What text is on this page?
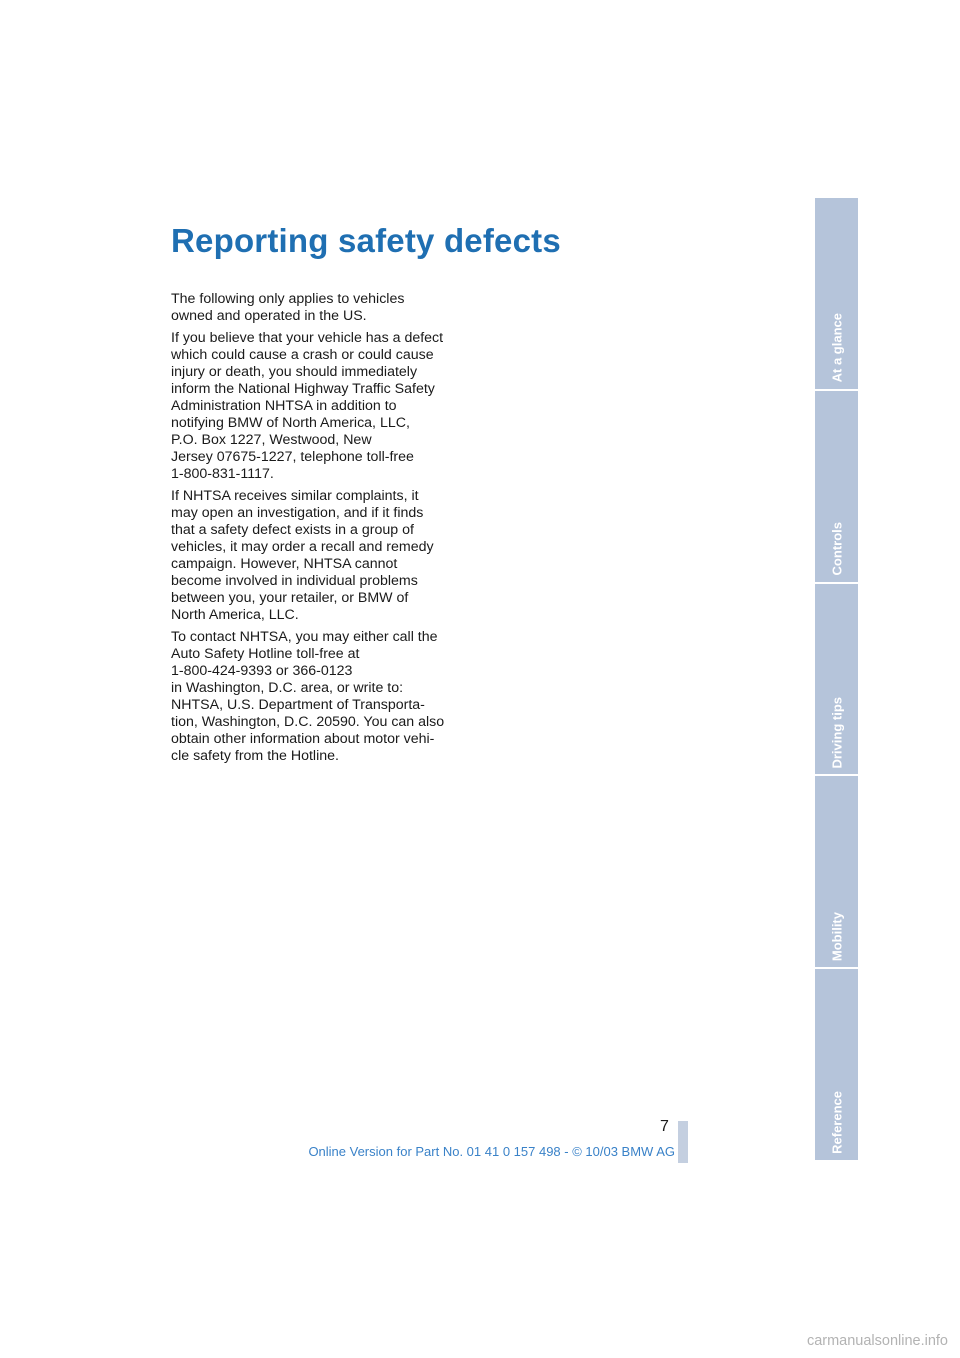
Reporting safety defects

The following only applies to vehicles
owned and operated in the US.

If you believe that your vehicle has a defect
which could cause a crash or could cause
injury or death, you should immediately
inform the National Highway Traffic Safety
Administration NHTSA in addition to
notifying BMW of North America, LLC,
P.O. Box 1227, Westwood, New
Jersey 07675-1227, telephone toll-free
1-800-831-1117.

If NHTSA receives similar complaints, it
may open an investigation, and if it finds
that a safety defect exists in a group of
vehicles, it may order a recall and remedy
campaign. However, NHTSA cannot
become involved in individual problems
between you, your retailer, or BMW of
North America, LLC.

To contact NHTSA, you may either call the
Auto Safety Hotline toll-free at
1-800-424-9393 or 366-0123
in Washington, D.C. area, or write to:
NHTSA, U.S. Department of Transporta-
tion, Washington, D.C. 20590. You can also
obtain other information about motor vehi-
cle safety from the Hotline.

At a glance
Controls
Driving tips
Mobility
Reference
7
Online Version for Part No. 01 41 0 157 498 - © 10/03 BMW AG
carmanualsonline.info
